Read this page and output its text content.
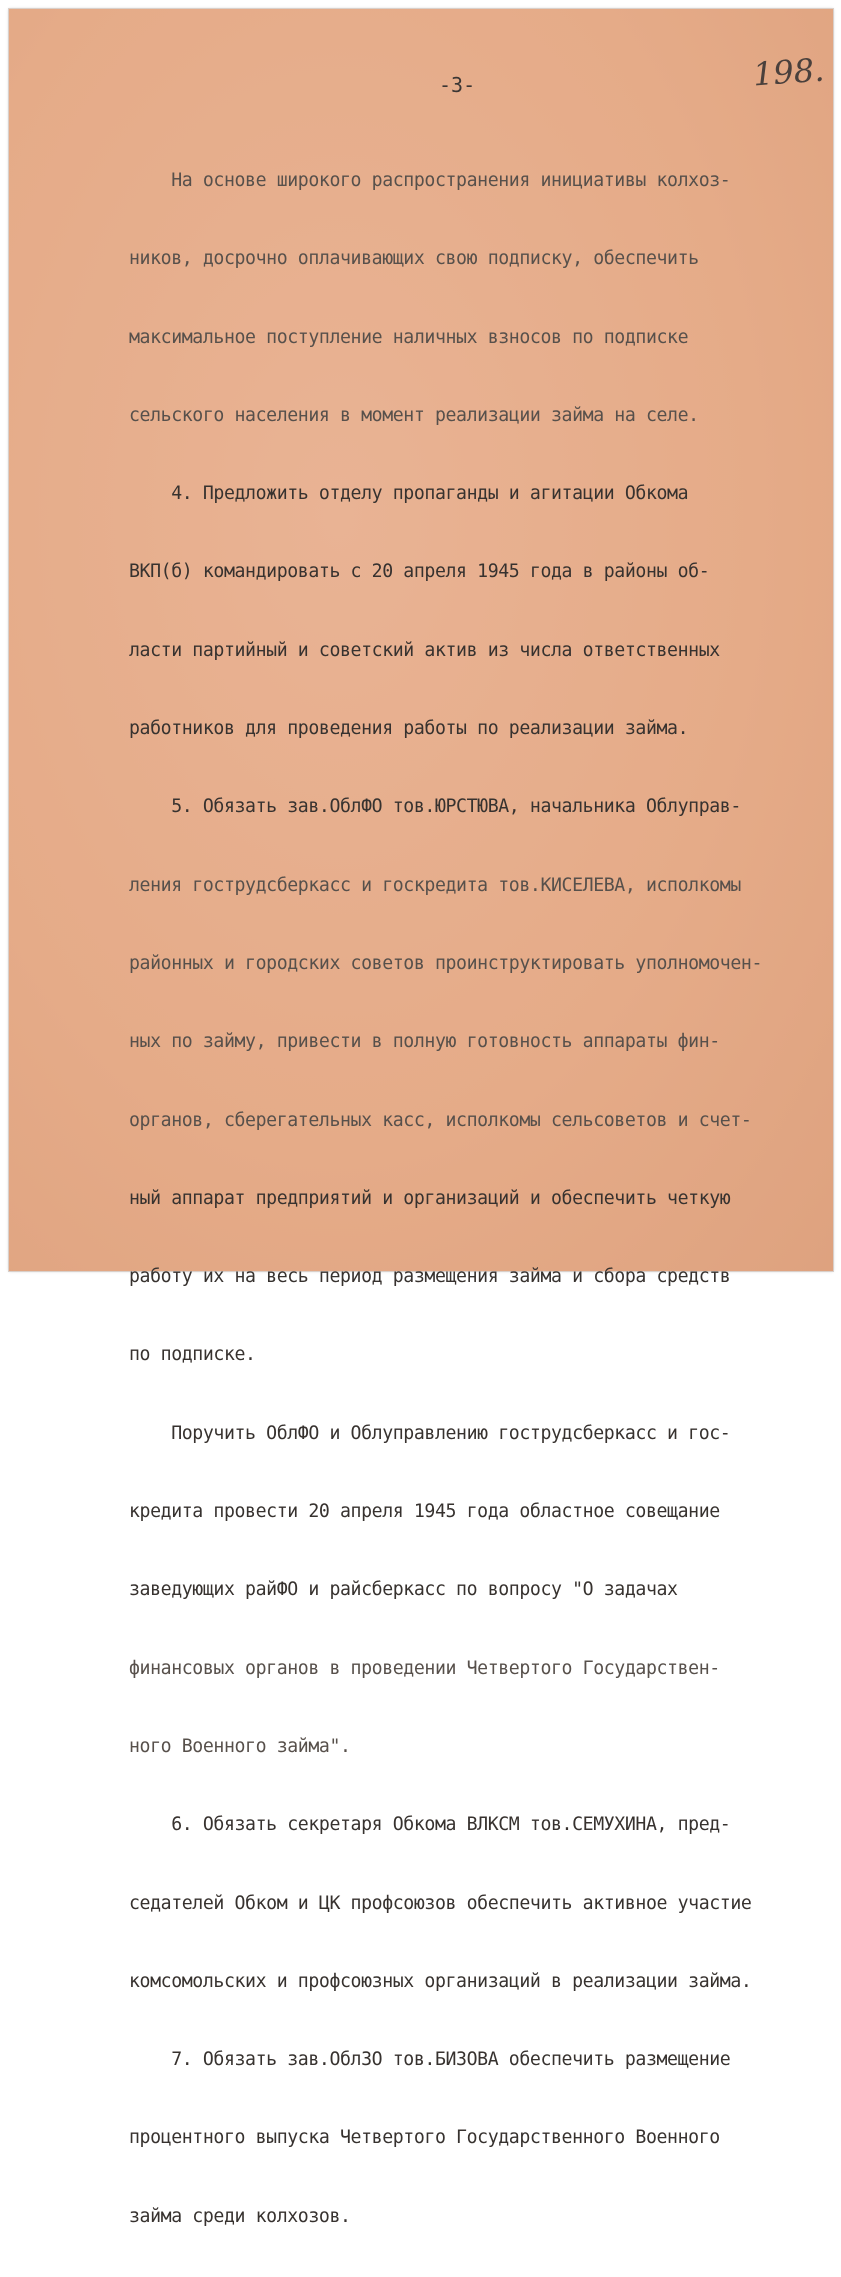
-3-	198.

На основе широкого распространения инициативы колхоз-

ников, досрочно оплачивающих свою подписку, обеспечить

максимальное поступление наличных взносов по подписке

сельского населения в момент реализации займа на селе.

4. Предложить отделу пропаганды и агитации Обкома

ВКП(б) командировать с 20 апреля 1945 года в районы об-

ласти партийный и советский актив из числа ответственных

работников для проведения работы по реализации займа.

5. Обязать зав.ОблФО тов.ЮРСТЮВА, начальника Облуправ-

ления гострудсберкасс и госкредита тов.КИСЕЛЕВА, исполкомы

районных и городских советов проинструктировать уполномочен-

ных по займу, привести в полную готовность аппараты фин-

органов, сберегательных касс, исполкомы сельсоветов и счет-

ный аппарат предприятий и организаций и обеспечить четкую

работу их на весь период размещения займа и сбора средств

по подписке.

Поручить ОблФО и Облуправлению гострудсберкасс и гос-

кредита провести 20 апреля 1945 года областное совещание

заведующих райФО и райсберкасс по вопросу "О задачах

финансовых органов в проведении Четвертого Государствен-

ного Военного займа".

6. Обязать секретаря Обкома ВЛКСМ тов.СЕМУХИНА, пред-

седателей Обком и ЦК профсоюзов обеспечить активное участие

комсомольских и профсоюзных организаций в реализации займа.

7. Обязать зав.ОблЗО тов.БИЗОВА обеспечить размещение

процентного выпуска Четвертого Государственного Военного

займа среди колхозов.
